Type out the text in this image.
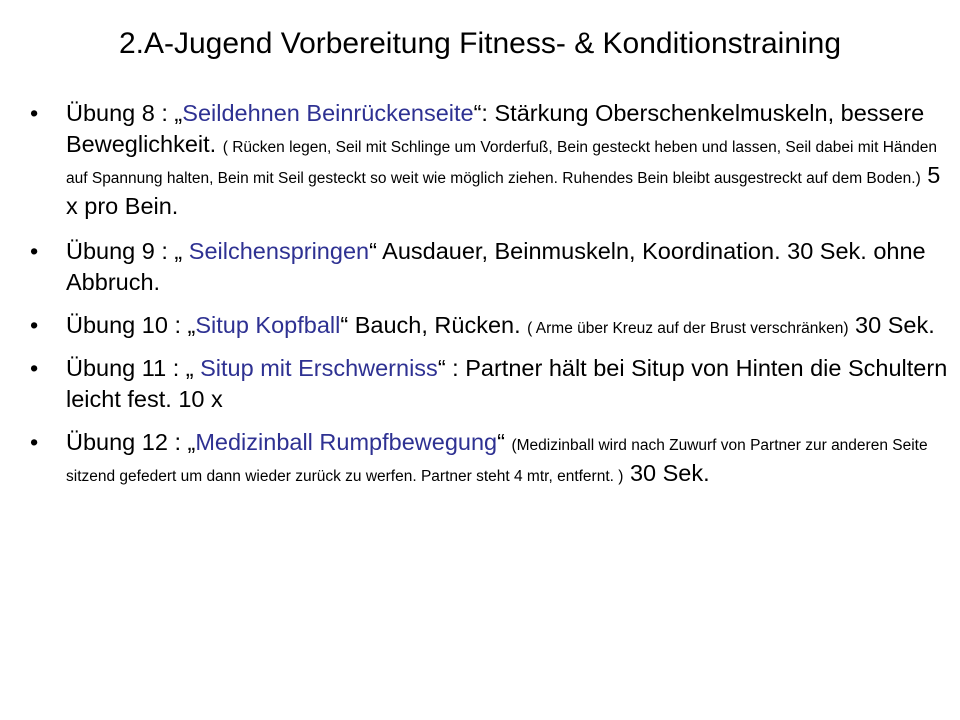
2.A-Jugend Vorbereitung Fitness- & Konditionstraining
• Übung 8 : „Seildehnen Beinrückenseite“: Stärkung Oberschenkelmuskeln, bessere Beweglichkeit. ( Rücken legen, Seil mit Schlinge um Vorderfuß, Bein gesteckt heben und lassen, Seil dabei mit Händen auf Spannung halten, Bein mit Seil gesteckt so weit wie möglich ziehen. Ruhendes Bein bleibt ausgestreckt auf dem Boden.) 5 x pro Bein.
• Übung 9 : „ Seilchenspringen“ Ausdauer, Beinmuskeln, Koordination. 30 Sek. ohne Abbruch.
• Übung 10 : „Situp Kopfball“ Bauch, Rücken. ( Arme über Kreuz auf der Brust verschränken) 30 Sek.
• Übung 11 : „ Situp mit Erschwerniss“ : Partner hält bei Situp von Hinten die Schultern leicht fest. 10 x
• Übung 12 : „Medizinball Rumpfbewegung“ (Medizinball wird nach Zuwurf von Partner zur anderen Seite sitzend gefedert um dann wieder zurück zu werfen. Partner steht 4 mtr, entfernt. ) 30 Sek.
